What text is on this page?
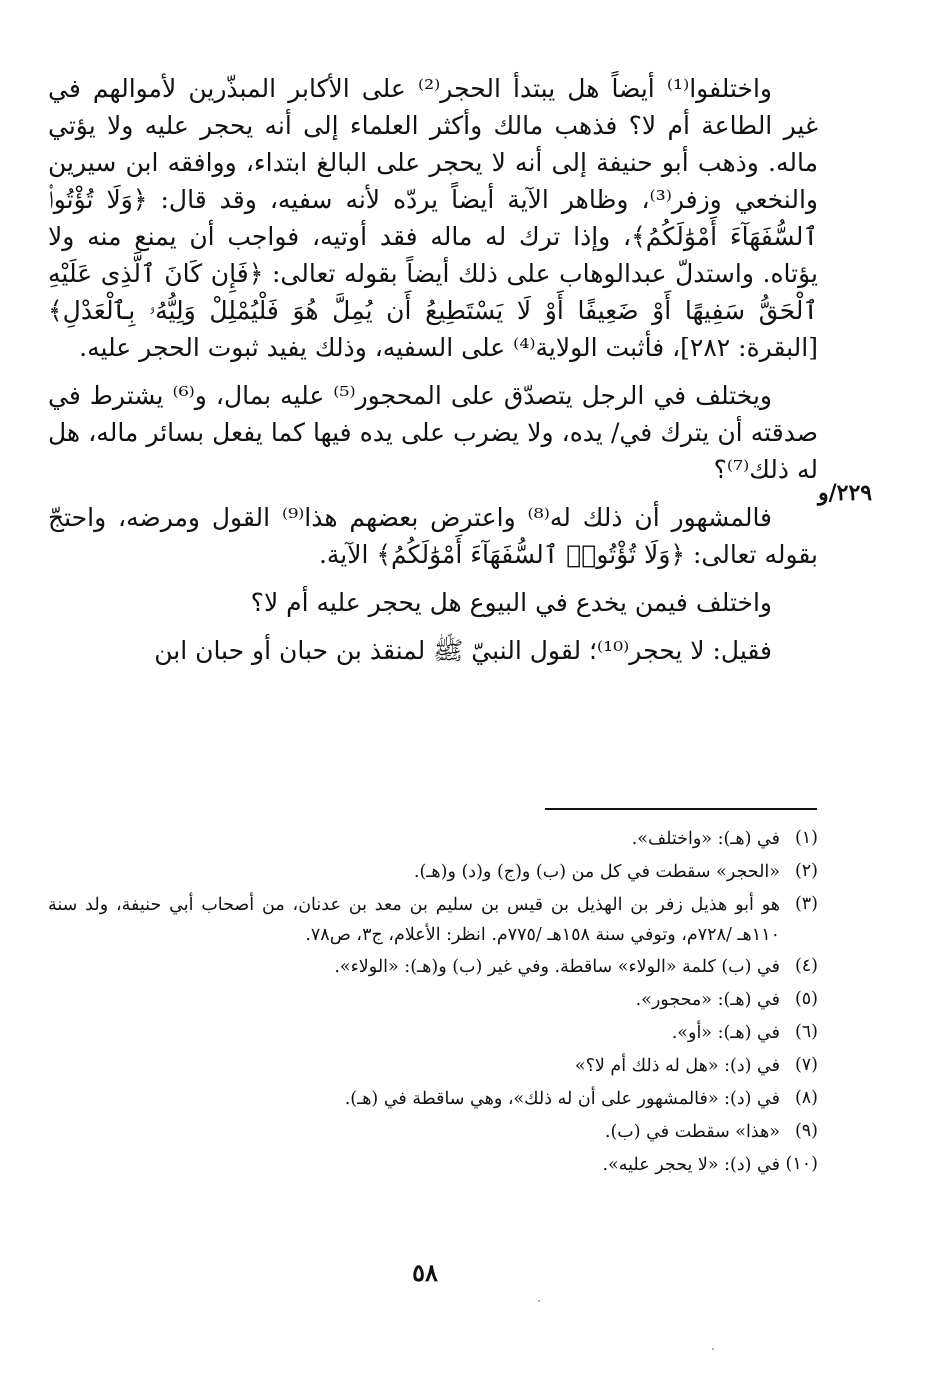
واختلفوا⁽¹⁾ أيضاً هل يبتدأ الحجر⁽²⁾ على الأكابر المبذّرين لأموالهم في غير الطاعة أم لا؟ فذهب مالك وأكثر العلماء إلى أنه يحجر عليه ولا يؤتي ماله. وذهب أبو حنيفة إلى أنه لا يحجر على البالغ ابتداء، ووافقه ابن سيرين والنخعي وزفر⁽³⁾، وظاهر الآية أيضاً يردّه لأنه سفيه، وقد قال: ﴿وَلَا تُؤْتُوا۟ ٱلسُّفَهَآءَ أَمْوَٰلَكُمُ﴾، وإذا ترك له ماله فقد أوتيه، فواجب أن يمنع منه ولا يؤتاه. واستدلّ عبدالوهاب على ذلك أيضاً بقوله تعالى: ﴿فَإِن كَانَ ٱلَّذِى عَلَيْهِ ٱلْحَقُّ سَفِيهًا أَوْ ضَعِيفًا أَوْ لَا يَسْتَطِيعُ أَن يُمِلَّ هُوَ فَلْيُمْلِلْ وَلِيُّهُۥ بِٱلْعَدْلِ﴾ [البقرة: ٢٨٢]، فأثبت الولاية⁽⁴⁾ على السفيه، وذلك يفيد ثبوت الحجر عليه.

ويختلف في الرجل يتصدّق على المحجور⁽⁵⁾ عليه بمال، و⁽⁶⁾ يشترط في صدقته أن يترك في/ يده، ولا يضرب على يده فيها كما يفعل بسائر ماله، هل له ذلك⁽⁷⁾؟

فالمشهور أن ذلك له⁽⁸⁾ واعترض بعضهم هذا⁽⁹⁾ القول ومرضه، واحتجّ بقوله تعالى: ﴿وَلَا تُؤْتُوا۟ ٱلسُّفَهَآءَ أَمْوَٰلَكُمُ﴾ الآية.

واختلف فيمن يخدع في البيوع هل يحجر عليه أم لا؟

فقيل: لا يحجر⁽¹⁰⁾؛ لقول النبيّ ﷺ لمنقذ بن حبان أو حبان ابن

٢٢٩/و
(١)
في (هـ): «واختلف».
(٢)
«الحجر» سقطت في كل من (ب) و(ج) و(د) و(هـ).
(٣)
هو أبو هذيل زفر بن الهذيل بن قيس بن سليم بن معد بن عدنان، من أصحاب أبي حنيفة، ولد سنة ١١٠هـ /٧٢٨م، وتوفي سنة ١٥٨هـ /٧٧٥م. انظر: الأعلام، ج٣، ص٧٨.
(٤)
في (ب) كلمة «الولاء» ساقطة. وفي غير (ب) و(هـ): «الولاء».
(٥)
في (هـ): «محجور».
(٦)
في (هـ): «أو».
(٧)
في (د): «هل له ذلك أم لا؟»
(٨)
في (د): «فالمشهور على أن له ذلك»، وهي ساقطة في (هـ).
(٩)
«هذا» سقطت في (ب).
(١٠)
في (د): «لا يحجر عليه».
٥٨
